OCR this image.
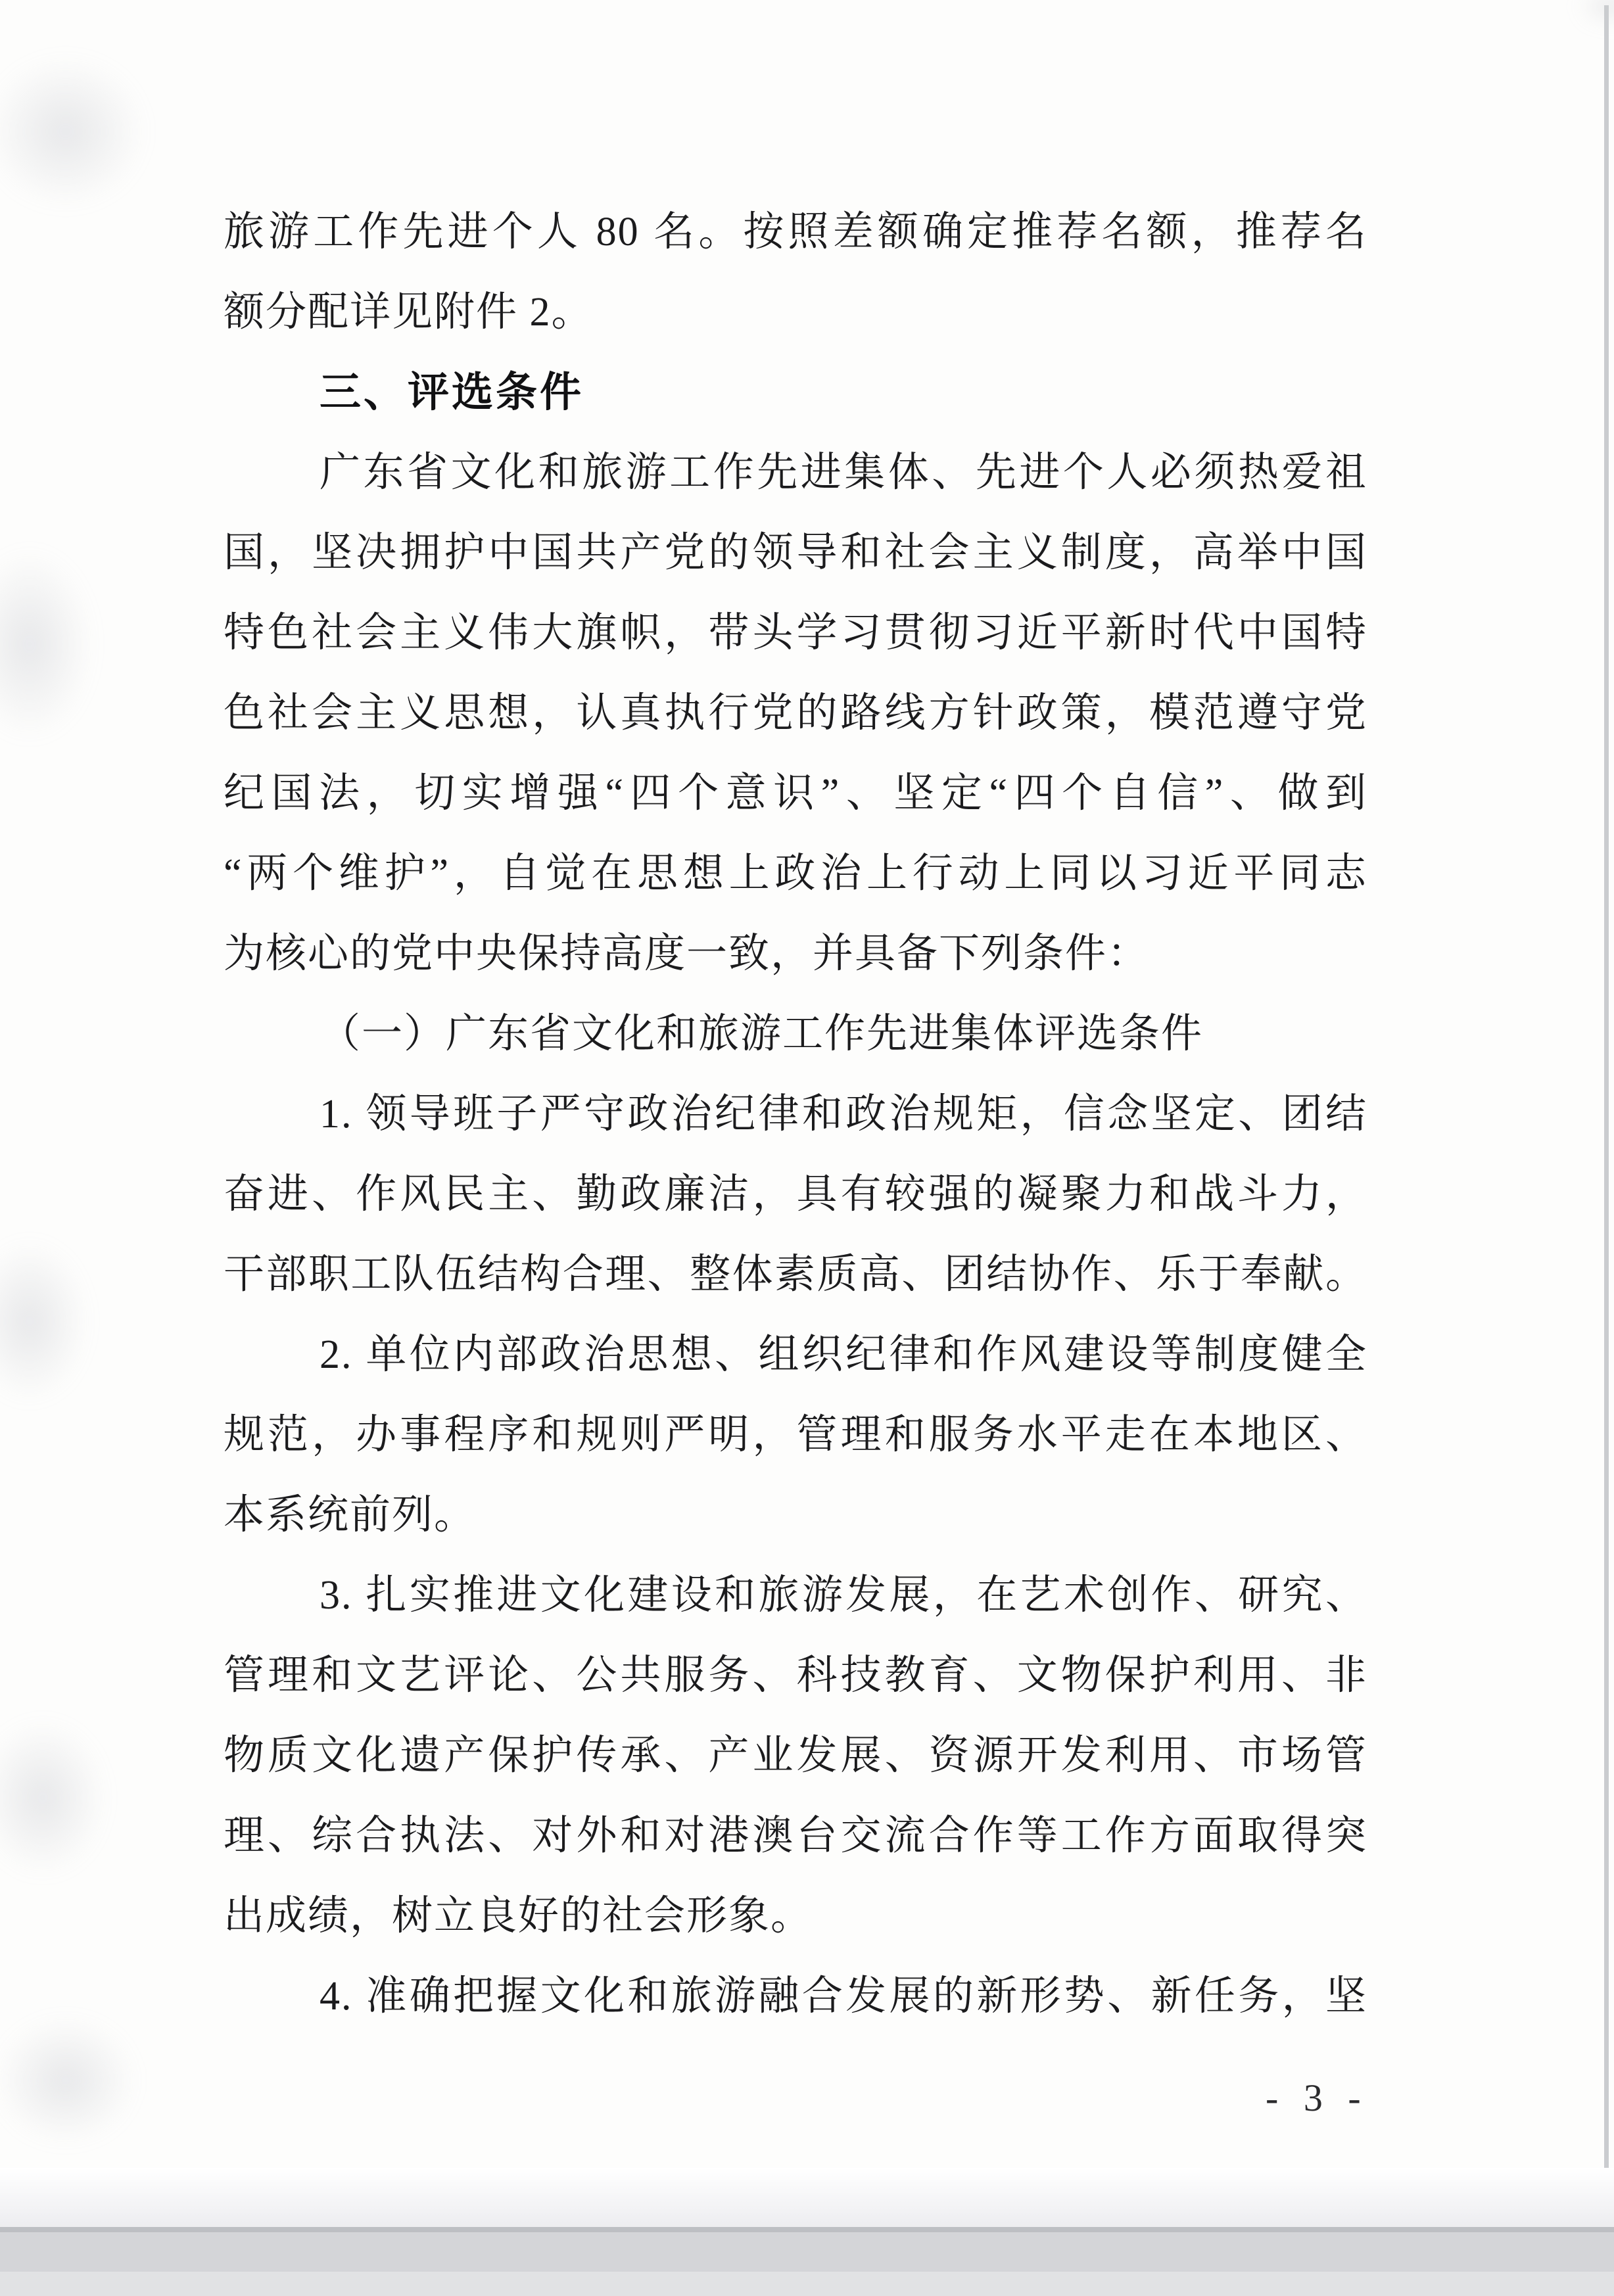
旅游工作先进个人 80 名。按照差额确定推荐名额，推荐名
额分配详见附件 2。
三、评选条件
广东省文化和旅游工作先进集体、先进个人必须热爱祖
国，坚决拥护中国共产党的领导和社会主义制度，高举中国
特色社会主义伟大旗帜，带头学习贯彻习近平新时代中国特
色社会主义思想，认真执行党的路线方针政策，模范遵守党
纪国法，切实增强“四个意识”、坚定“四个自信”、做到
“两个维护”，自觉在思想上政治上行动上同以习近平同志
为核心的党中央保持高度一致，并具备下列条件：
（一）广东省文化和旅游工作先进集体评选条件
1. 领导班子严守政治纪律和政治规矩，信念坚定、团结
奋进、作风民主、勤政廉洁，具有较强的凝聚力和战斗力，
干部职工队伍结构合理、整体素质高、团结协作、乐于奉献。
2. 单位内部政治思想、组织纪律和作风建设等制度健全
规范，办事程序和规则严明，管理和服务水平走在本地区、
本系统前列。
3. 扎实推进文化建设和旅游发展，在艺术创作、研究、
管理和文艺评论、公共服务、科技教育、文物保护利用、非
物质文化遗产保护传承、产业发展、资源开发利用、市场管
理、综合执法、对外和对港澳台交流合作等工作方面取得突
出成绩，树立良好的社会形象。
4. 准确把握文化和旅游融合发展的新形势、新任务，坚
- 3 -
